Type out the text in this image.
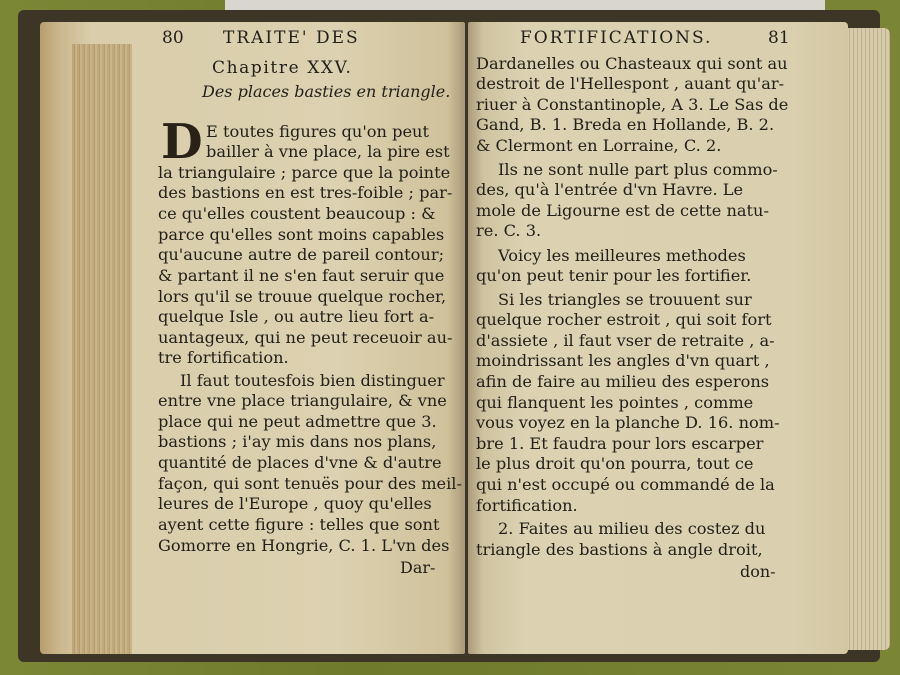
80 TRAITE' DES
Chapitre XXV.
Des places basties en triangle.
D E toutes figures qu'on peut
bailler à vne place, la pire est
la triangulaire ; parce que la pointe
des bastions en est tres-foible ; par-
ce qu'elles coustent beaucoup : &
parce qu'elles sont moins capables
qu'aucune autre de pareil contour;
& partant il ne s'en faut seruir que
lors qu'il se trouue quelque rocher,
quelque Isle , ou autre lieu fort a-
uantageux, qui ne peut receuoir au-
tre fortification.
Il faut toutesfois bien distinguer
entre vne place triangulaire, & vne
place qui ne peut admettre que 3.
bastions ; i'ay mis dans nos plans,
quantité de places d'vne & d'autre
façon, qui sont tenuës pour des meil-
leures de l'Europe , quoy qu'elles
ayent cette figure : telles que sont
Gomorre en Hongrie, C. 1. L'vn des
Dar-
FORTIFICATIONS.	81
Dardanelles ou Chasteaux qui sont au
destroit de l'Hellespont , auant qu'ar-
riuer à Constantinople, A 3. Le Sas de
Gand, B. 1. Breda en Hollande, B. 2.
& Clermont en Lorraine, C. 2.
Ils ne sont nulle part plus commo-
des, qu'à l'entrée d'vn Havre. Le
mole de Ligourne est de cette natu-
re. C. 3.
Voicy les meilleures methodes
qu'on peut tenir pour les fortifier.
Si les triangles se trouuent sur
quelque rocher estroit , qui soit fort
d'assiete , il faut vser de retraite , a-
moindrissant les angles d'vn quart ,
afin de faire au milieu des esperons
qui flanquent les pointes , comme
vous voyez en la planche D. 16. nom-
bre 1. Et faudra pour lors escarper
le plus droit qu'on pourra, tout ce
qui n'est occupé ou commandé de la
fortification.
2. Faites au milieu des costez du
triangle des bastions à angle droit,
don-
